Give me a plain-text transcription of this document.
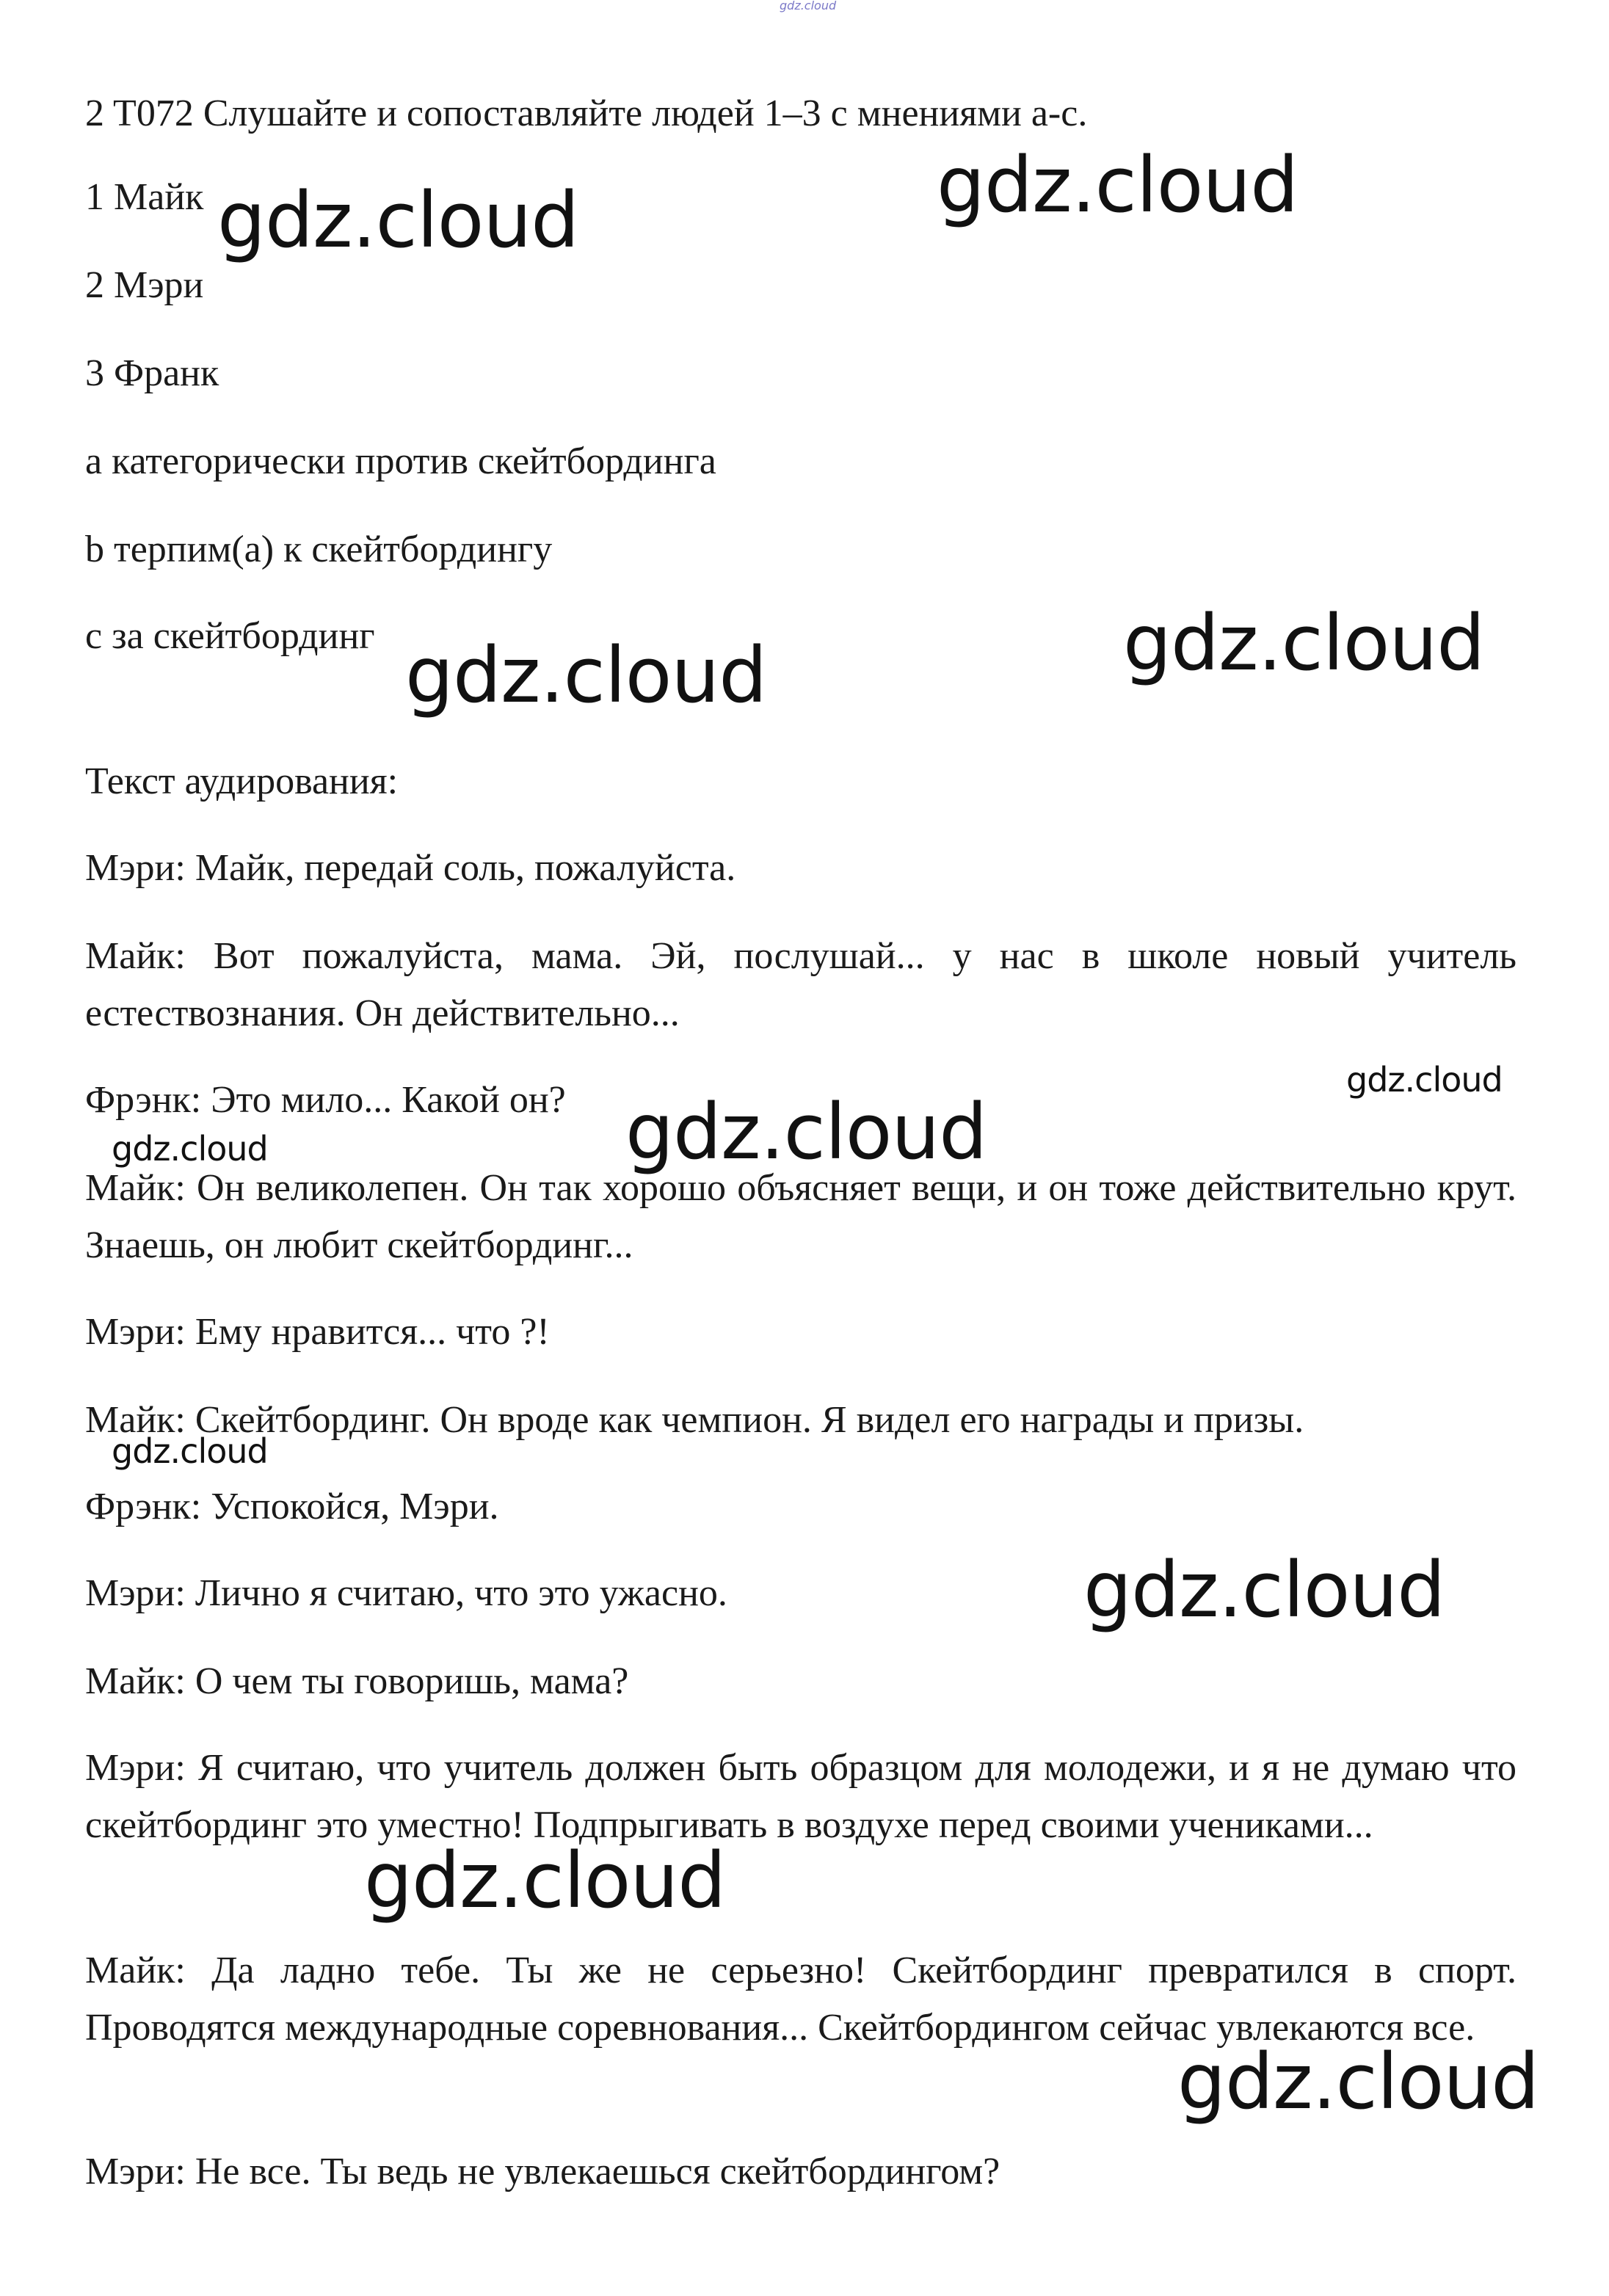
gdz.cloud
2 T072 Слушайте и сопоставляйте людей 1–3 с мнениями a-c.
1 Майк
2 Мэри
3 Франк
a категорически против скейтбординга
b терпим(a) к скейтбордингу
c за скейтбординг
Текст аудирования:
Мэри: Майк, передай соль, пожалуйста.
Майк: Вот пожалуйста, мама. Эй, послушай... у нас в школе новый учитель естествознания. Он действительно...
Фрэнк: Это мило... Какой он?
Майк: Он великолепен. Он так хорошо объясняет вещи, и он тоже действительно крут. Знаешь, он любит скейтбординг...
Мэри: Ему нравится... что ?!
Майк: Скейтбординг. Он вроде как чемпион. Я видел его награды и призы.
Фрэнк: Успокойся, Мэри.
Мэри: Лично я считаю, что это ужасно.
Майк: О чем ты говоришь, мама?
Мэри: Я считаю, что учитель должен быть образцом для молодежи, и я не думаю что скейтбординг это уместно! Подпрыгивать в воздухе перед своими учениками...
Майк: Да ладно тебе. Ты же не серьезно! Скейтбординг превратился в спорт. Проводятся международные соревнования... Скейтбордингом сейчас увлекаются все.
Мэри: Не все. Ты ведь не увлекаешься скейтбордингом?
gdz.cloud	gdz.cloud
gdz.cloud	gdz.cloud
gdz.cloud
gdz.cloud
gdz.cloud
gdz.cloud
gdz.cloud
gdz.cloud
gdz.cloud
